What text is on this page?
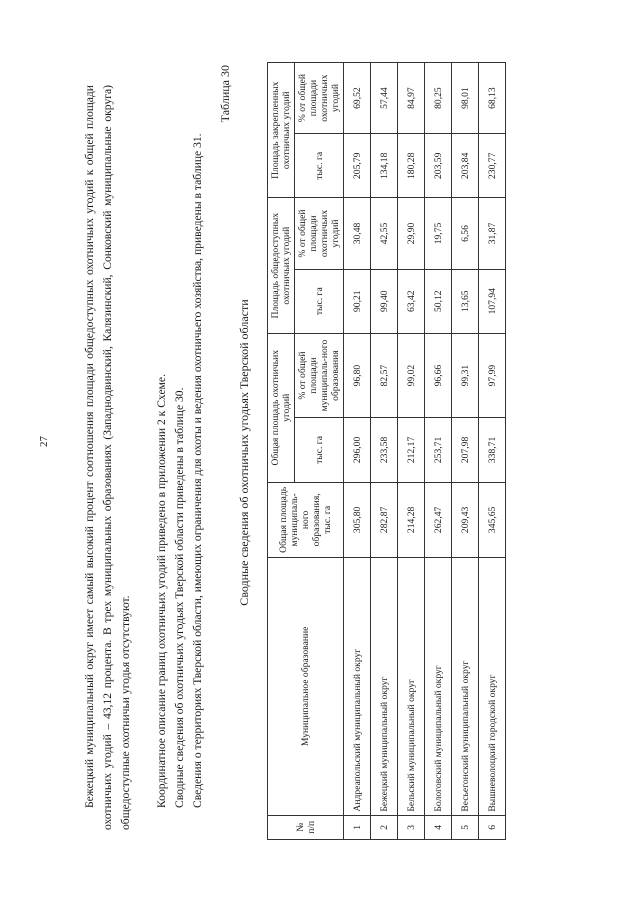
27	Бежецкий муниципальный округ имеет самый высокий процент соотношения площади общедоступных охотничьих угодий к общей площади охотничьих угодий – 43,12 процента. В трех муниципальных образованиях (Западнодвинский, Калязинский, Сонковский муниципальные округа) общедоступные охотничьи угодья отсутствуют. Координатное описание границ охотничьих угодий приведено в приложении 2 к Схеме. Сводные сведения об охотничьих угодьях Тверской области приведены в таблице 30. Сведения о территориях Тверской области, имеющих ограничения для охоты и ведения охотничьего хозяйства, приведены в таблице 31.
Таблица 30
Сводные сведения об охотничьих угодьях Тверской области
№ п/п	Муниципальное образование	Общая площадь муниципаль-ного образования, тыс. га	Общая площадь охотничьих угодий		Площадь общедоступных охотничьих угодий		Площадь закрепленных охотничьих угодий	
			тыс. га	% от общей площади муниципаль-ного образования	тыс. га	% от общей площади охотничьих угодий	тыс. га	% от общей площади охотничьих угодий
1	Андреапольский муниципальный округ	305,80	296,00	96,80	90,21	30,48	205,79	69,52
2	Бежецкий муниципальный округ	282,87	233,58	82,57	99,40	42,55	134,18	57,44
3	Бельский муниципальный округ	214,28	212,17	99,02	63,42	29,90	180,28	84,97
4	Бологовский муниципальный округ	262,47	253,71	96,66	50,12	19,75	203,59	80,25
5	Весьегонский муниципальный округ	209,43	207,98	99,31	13,65	6,56	203,84	98,01
6	Вышневолоцкий городской округ	345,65	338,71	97,99	107,94	31,87	230,77	68,13
